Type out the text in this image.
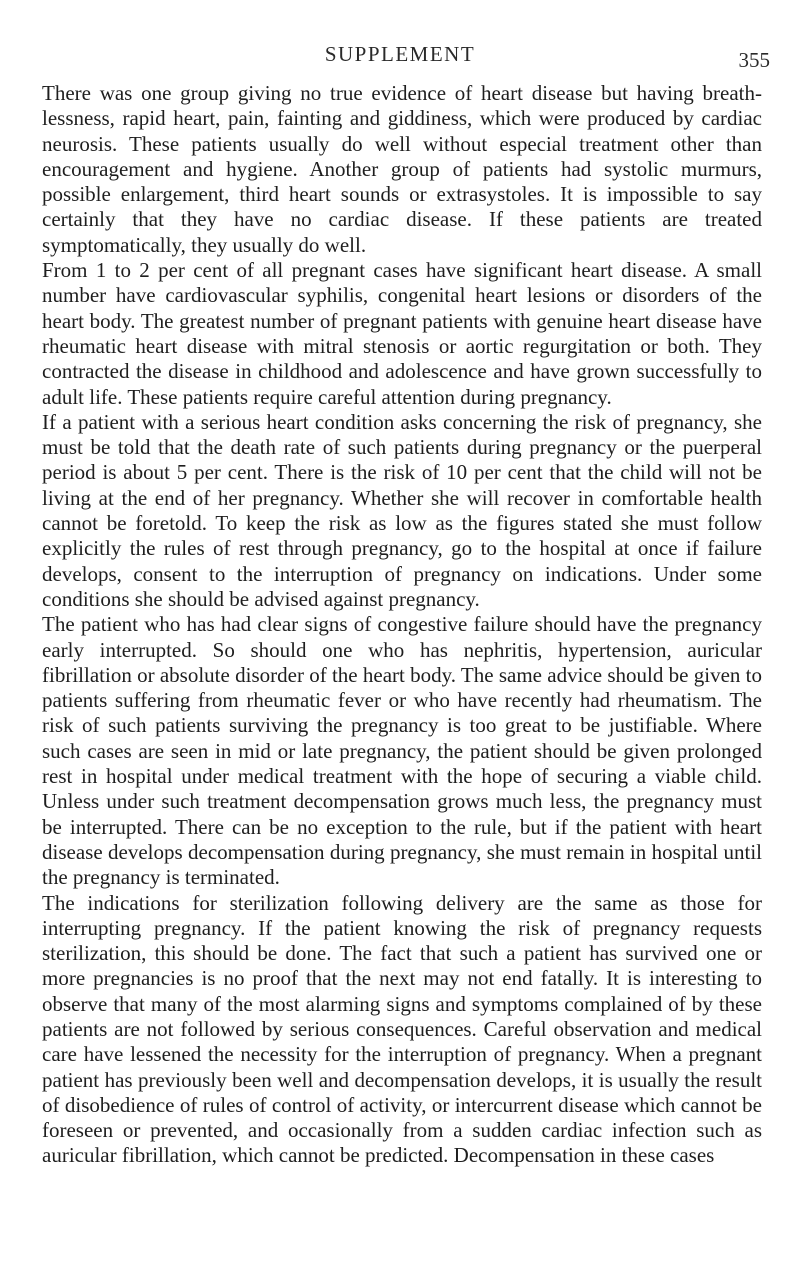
SUPPLEMENT	355

There was one group giving no true evidence of heart disease but having breathlessness, rapid heart, pain, fainting and giddiness, which were produced by cardiac neurosis. These patients usually do well without especial treatment other than encouragement and hygiene. Another group of patients had systolic murmurs, possible enlargement, third heart sounds or extrasystoles. It is impossible to say certainly that they have no cardiac disease. If these patients are treated symptomatically, they usually do well.

From 1 to 2 per cent of all pregnant cases have significant heart disease. A small number have cardiovascular syphilis, congenital heart lesions or disorders of the heart body. The greatest number of pregnant patients with genuine heart disease have rheumatic heart disease with mitral stenosis or aortic regurgitation or both. They contracted the disease in childhood and adolescence and have grown successfully to adult life. These patients require careful attention during pregnancy.

If a patient with a serious heart condition asks concerning the risk of pregnancy, she must be told that the death rate of such patients during pregnancy or the puerperal period is about 5 per cent. There is the risk of 10 per cent that the child will not be living at the end of her pregnancy. Whether she will recover in comfortable health cannot be foretold. To keep the risk as low as the figures stated she must follow explicitly the rules of rest through pregnancy, go to the hospital at once if failure develops, consent to the interruption of pregnancy on indications. Under some conditions she should be advised against pregnancy.

The patient who has had clear signs of congestive failure should have the pregnancy early interrupted. So should one who has nephritis, hypertension, auricular fibrillation or absolute disorder of the heart body. The same advice should be given to patients suffering from rheumatic fever or who have recently had rheumatism. The risk of such patients surviving the pregnancy is too great to be justifiable. Where such cases are seen in mid or late pregnancy, the patient should be given prolonged rest in hospital under medical treatment with the hope of securing a viable child. Unless under such treatment decompensation grows much less, the pregnancy must be interrupted. There can be no exception to the rule, but if the patient with heart disease develops decompensation during pregnancy, she must remain in hospital until the pregnancy is terminated.

The indications for sterilization following delivery are the same as those for interrupting pregnancy. If the patient knowing the risk of pregnancy requests sterilization, this should be done. The fact that such a patient has survived one or more pregnancies is no proof that the next may not end fatally. It is interesting to observe that many of the most alarming signs and symptoms complained of by these patients are not followed by serious consequences. Careful observation and medical care have lessened the necessity for the interruption of pregnancy. When a pregnant patient has previously been well and decompensation develops, it is usually the result of disobedience of rules of control of activity, or intercurrent disease which cannot be foreseen or prevented, and occasionally from a sudden cardiac infection such as auricular fibrillation, which cannot be predicted. Decompensation in these cases
